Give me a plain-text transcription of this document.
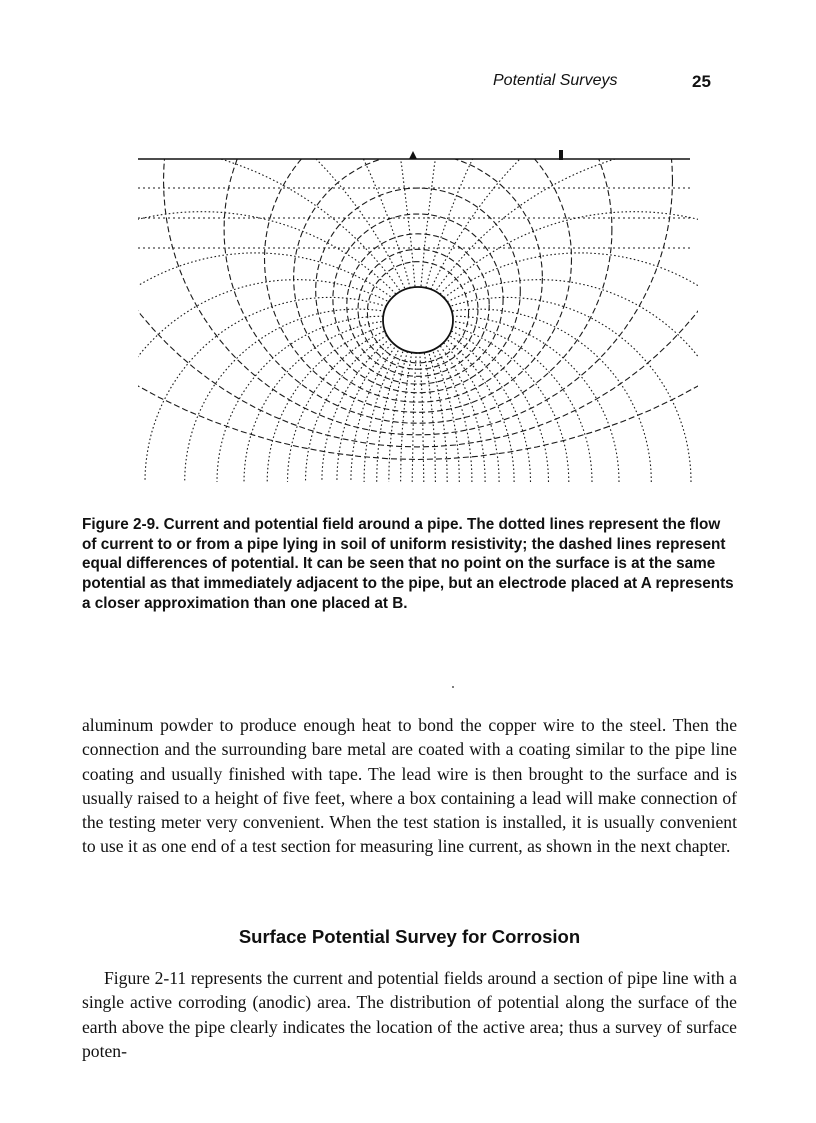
Potential Surveys	25
Figure 2-9. Current and potential field around a pipe. The dotted lines represent the flow of current to or from a pipe lying in soil of uniform resistivity; the dashed lines represent equal differences of potential. It can be seen that no point on the surface is at the same potential as that immediately adjacent to the pipe, but an electrode placed at A represents a closer approximation than one placed at B.

aluminum powder to produce enough heat to bond the copper wire to the steel. Then the connection and the surrounding bare metal are coated with a coating similar to the pipe line coating and usually finished with tape. The lead wire is then brought to the surface and is usually raised to a height of five feet, where a box containing a lead will make connection of the testing meter very convenient. When the test station is installed, it is usually convenient to use it as one end of a test section for measuring line current, as shown in the next chapter.

Surface Potential Survey for Corrosion

Figure 2-11 represents the current and potential fields around a section of pipe line with a single active corroding (anodic) area. The distribution of potential along the surface of the earth above the pipe clearly indicates the location of the active area; thus a survey of surface poten-
